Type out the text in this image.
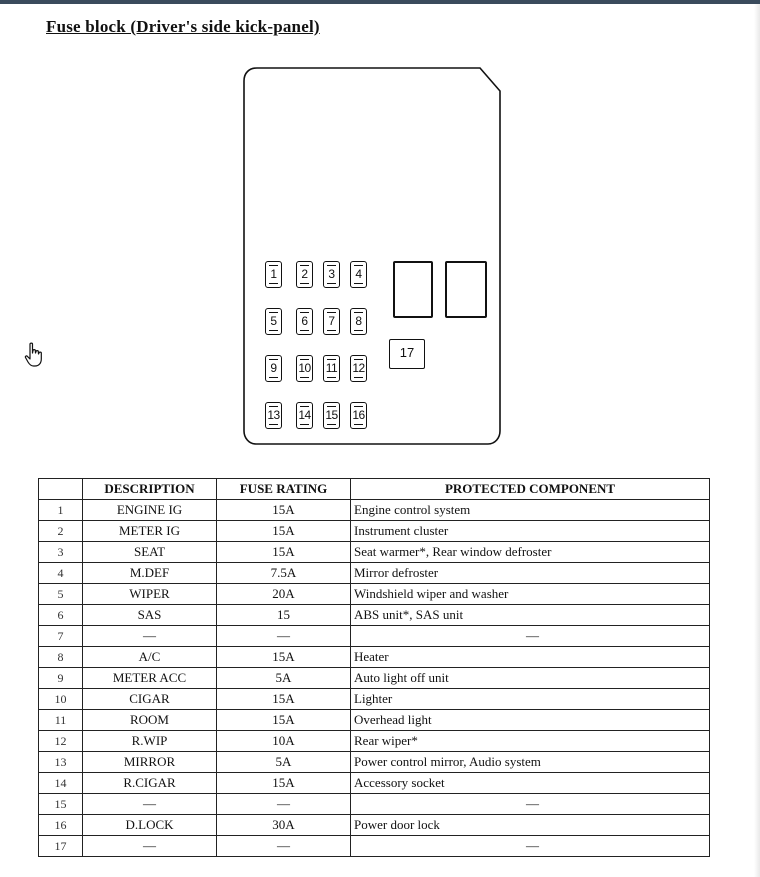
Fuse block (Driver's side kick-panel)
1	2	3	4
5	6	7	8
9	10 11 12
13 14 15 16
17
	DESCRIPTION	FUSE RATING	PROTECTED COMPONENT
1	ENGINE IG	15A	Engine control system
2	METER IG	15A	Instrument cluster
3	SEAT	15A	Seat warmer*, Rear window defroster
4	M.DEF	7.5A	Mirror defroster
5	WIPER	20A	Windshield wiper and washer
6	SAS	15	ABS unit*, SAS unit
7	—	—	—
8	A/C	15A	Heater
9	METER ACC	5A	Auto light off unit
10	CIGAR	15A	Lighter
11	ROOM	15A	Overhead light
12	R.WIP	10A	Rear wiper*
13	MIRROR	5A	Power control mirror, Audio system
14	R.CIGAR	15A	Accessory socket
15	—	—	—
16	D.LOCK	30A	Power door lock
17	—	—	—
